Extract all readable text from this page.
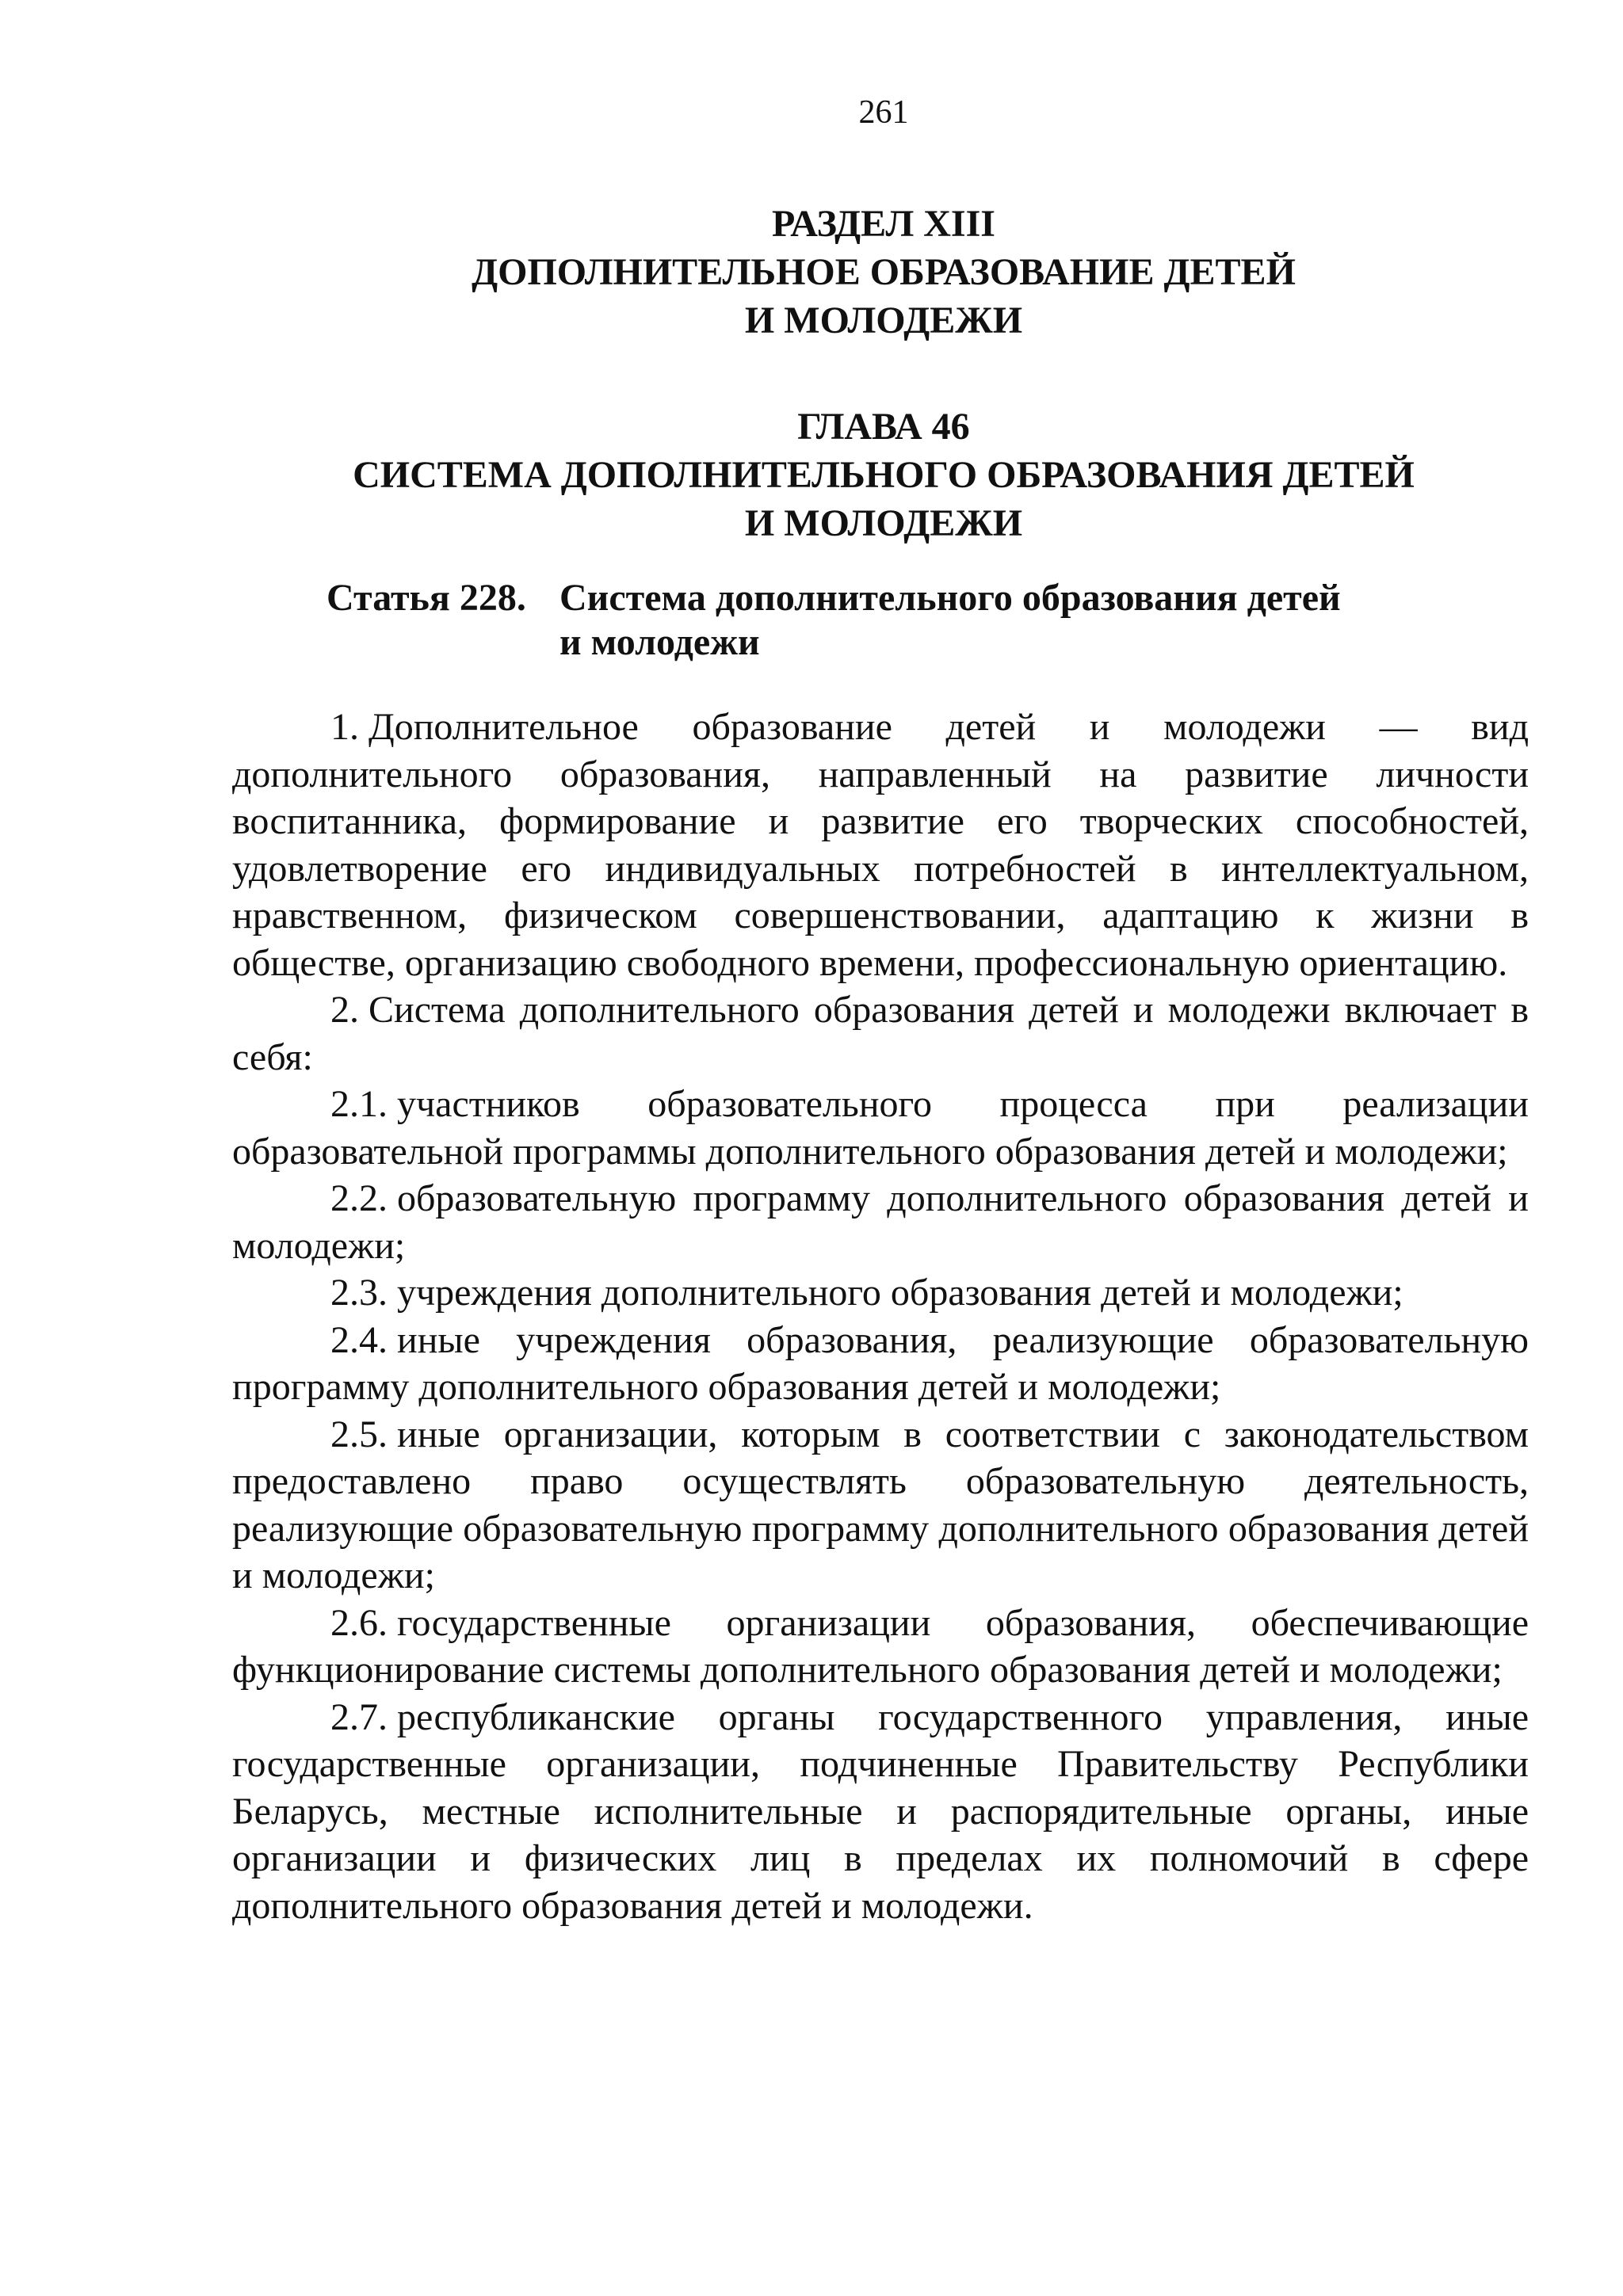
261
РАЗДЕЛ XIII
ДОПОЛНИТЕЛЬНОЕ ОБРАЗОВАНИЕ ДЕТЕЙ
И МОЛОДЕЖИ
ГЛАВА 46
СИСТЕМА ДОПОЛНИТЕЛЬНОГО ОБРАЗОВАНИЯ ДЕТЕЙ
И МОЛОДЕЖИ
Статья 228. Система дополнительного образования детей
и молодежи

1. Дополнительное образование детей и молодежи — вид дополнительного образования, направленный на развитие личности воспитанника, формирование и развитие его творческих способностей, удовлетворение его индивидуальных потребностей в интеллектуальном, нравственном, физическом совершенствовании, адаптацию к жизни в обществе, организацию свободного времени, профессиональную ориентацию.

2. Система дополнительного образования детей и молодежи включает в себя:

2.1. участников образовательного процесса при реализации образовательной программы дополнительного образования детей и молодежи;

2.2. образовательную программу дополнительного образования детей и молодежи;

2.3. учреждения дополнительного образования детей и молодежи;

2.4. иные учреждения образования, реализующие образовательную программу дополнительного образования детей и молодежи;

2.5. иные организации, которым в соответствии с законодательством предоставлено право осуществлять образовательную деятельность, реализующие образовательную программу дополнительного образования детей и молодежи;

2.6. государственные организации образования, обеспечивающие функционирование системы дополнительного образования детей и молодежи;

2.7. республиканские органы государственного управления, иные государственные организации, подчиненные Правительству Республики Беларусь, местные исполнительные и распорядительные органы, иные организации и физических лиц в пределах их полномочий в сфере дополнительного образования детей и молодежи.
